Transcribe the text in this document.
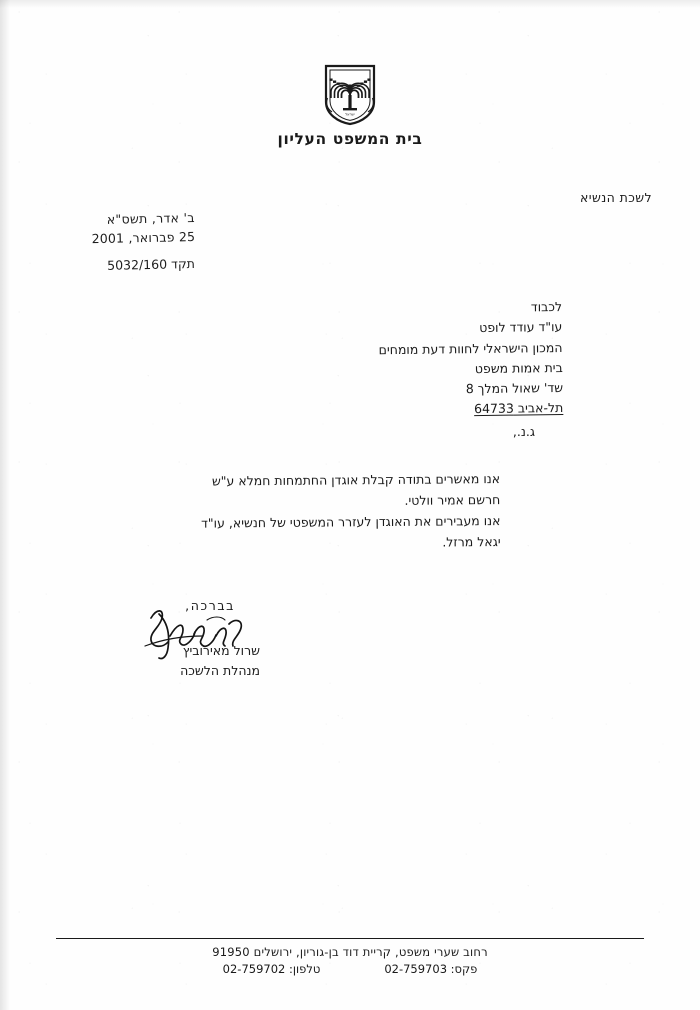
ישראל
בית המשפט העליון
לשכת הנשיא
ב' אדר, תשס"א
25 פברואר, 2001
תקד 5032/160
לכבוד
עו"ד עודד לופט
המכון הישראלי לחוות דעת מומחים
בית אמות משפט
שד' שאול המלך 8
תל-אביב 64733
ג.נ.,
אנו מאשרים בתודה קבלת אוגדן החתמחות חמלא ע"ש חרשם אמיר וולטי.
אנו מעבירים את האוגדן לעזרר המשפטי של חנשיא, עו"ד יגאל מרזל.
בברכה,
שרול מאירוביץ
מנהלת הלשכה
רחוב שערי משפט, קריית דוד בן-גוריון, ירושלים 91950
פקס: 02-759703
טלפון: 02-759702
